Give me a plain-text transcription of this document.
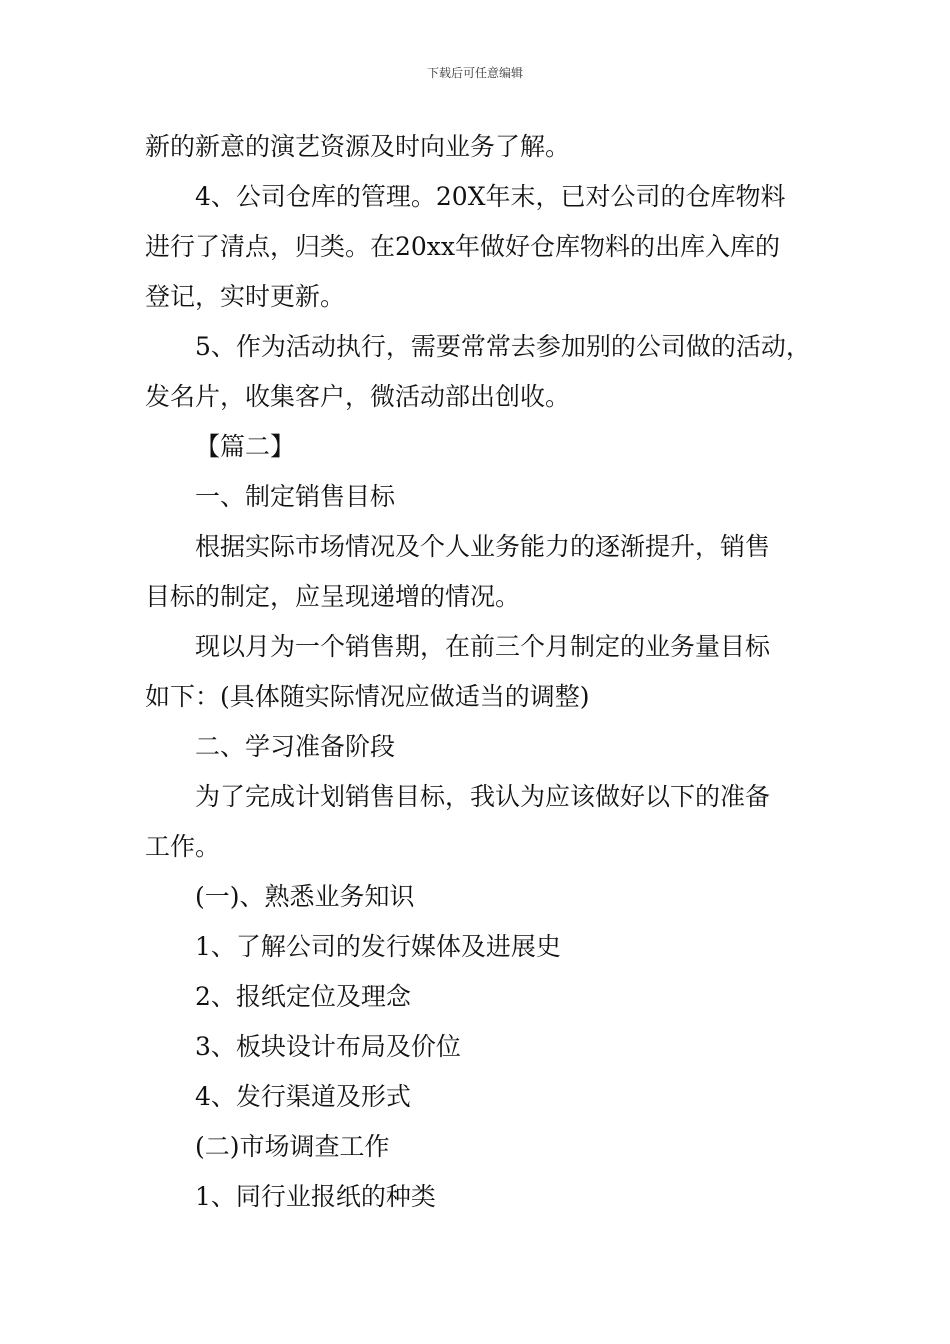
下载后可任意编辑
新的新意的演艺资源及时向业务了解。
4、公司仓库的管理。20X年末，已对公司的仓库物料
进行了清点，归类。在20xx年做好仓库物料的出库入库的
登记，实时更新。
5、作为活动执行，需要常常去参加别的公司做的活动，
发名片，收集客户，微活动部出创收。
【篇二】
一、制定销售目标
根据实际市场情况及个人业务能力的逐渐提升，销售
目标的制定，应呈现递增的情况。
现以月为一个销售期，在前三个月制定的业务量目标
如下：(具体随实际情况应做适当的调整)
二、学习准备阶段
为了完成计划销售目标，我认为应该做好以下的准备
工作。
(一)、熟悉业务知识
1、了解公司的发行媒体及进展史
2、报纸定位及理念
3、板块设计布局及价位
4、发行渠道及形式
(二)市场调查工作
1、同行业报纸的种类
